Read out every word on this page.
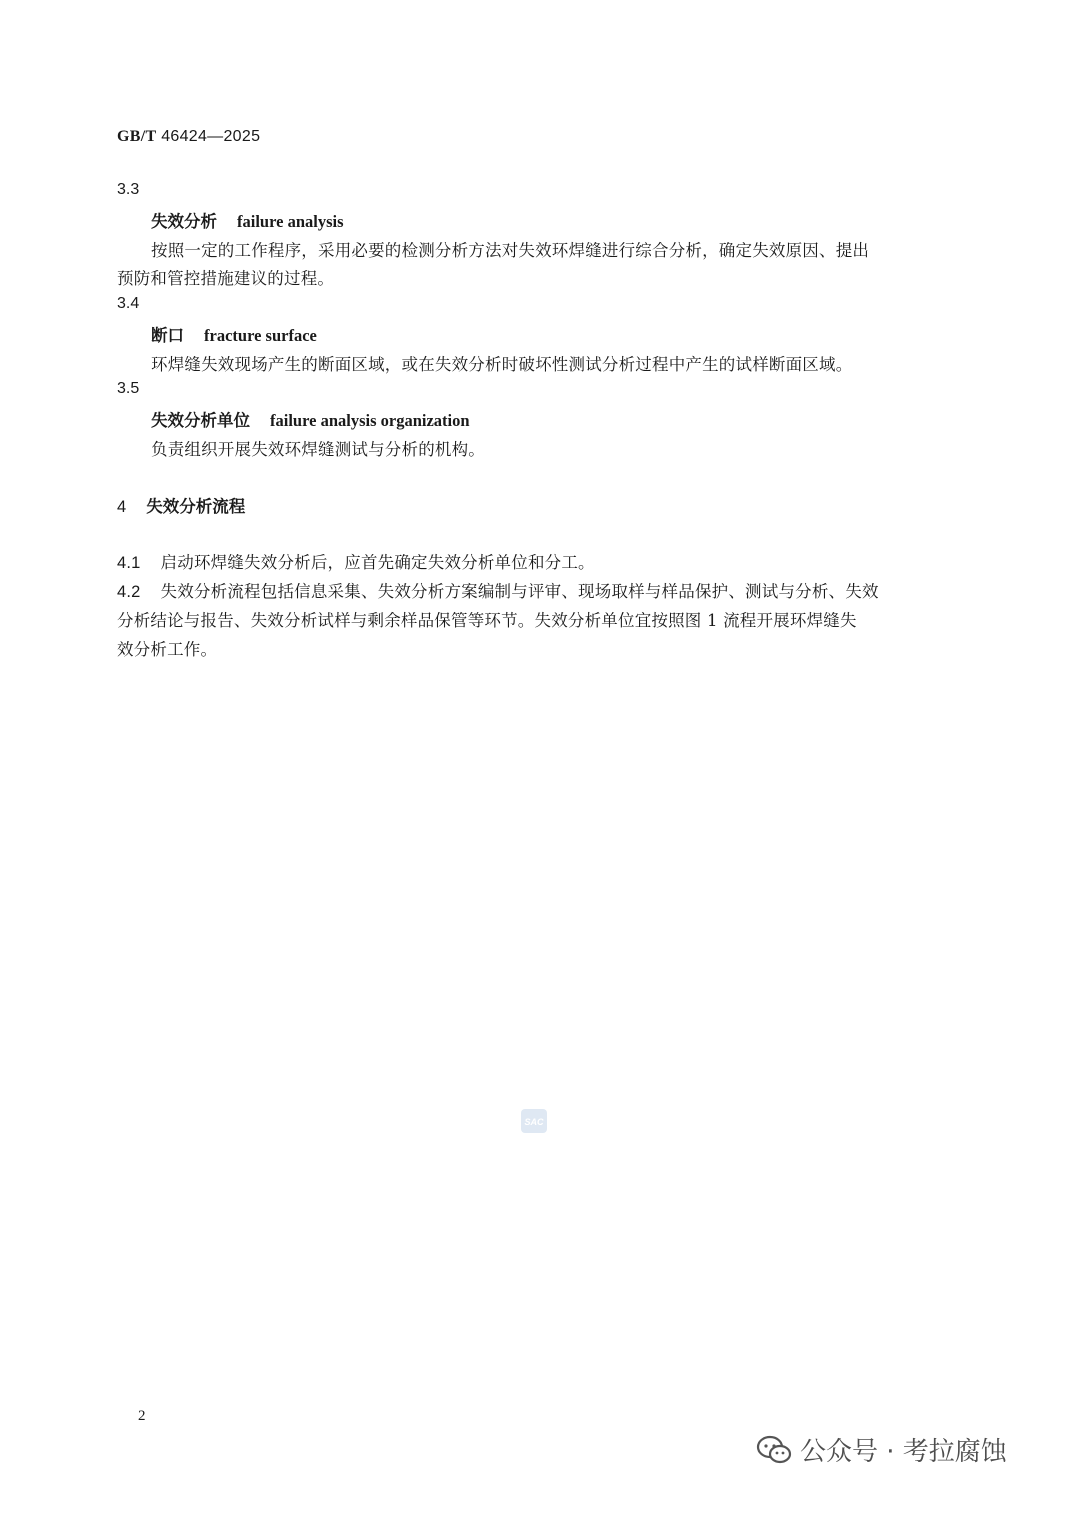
GB/T 46424—2025
3.3
失效分析 failure analysis
按照一定的工作程序，采用必要的检测分析方法对失效环焊缝进行综合分析，确定失效原因、提出
预防和管控措施建议的过程。
3.4
断口 fracture surface
环焊缝失效现场产生的断面区域，或在失效分析时破坏性测试分析过程中产生的试样断面区域。
3.5
失效分析单位 failure analysis organization
负责组织开展失效环焊缝测试与分析的机构。
4 失效分析流程
4.1 启动环焊缝失效分析后，应首先确定失效分析单位和分工。
4.2 失效分析流程包括信息采集、失效分析方案编制与评审、现场取样与样品保护、测试与分析、失效
分析结论与报告、失效分析试样与剩余样品保管等环节。失效分析单位宜按照图 1 流程开展环焊缝失
效分析工作。
SAC
2
公众号 · 考拉腐蚀
